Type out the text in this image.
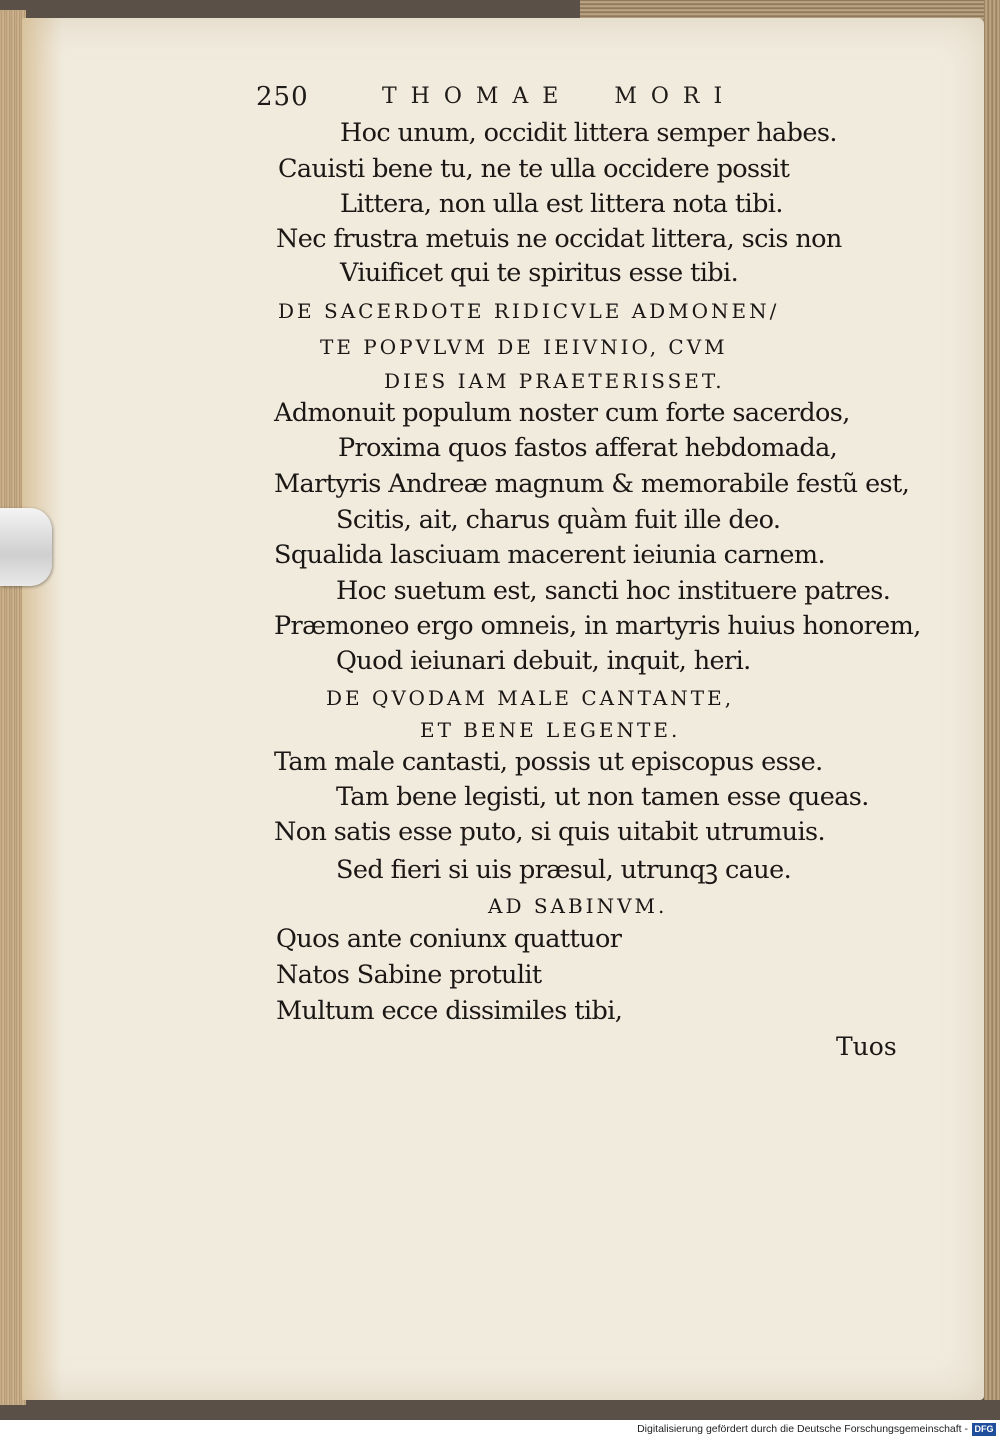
250	THOMAE  MORI
Hoc unum, occidit littera semper habes.
Cauisti bene tu, ne te ulla occidere possit
Littera, non ulla est littera nota tibi.
Nec frustra metuis ne occidat littera, scis non
Viuificet qui te spiritus esse tibi.
DE SACERDOTE RIDICVLE ADMONEN/
TE POPVLVM DE IEIVNIO, CVM
DIES IAM PRAETERISSET.
Admonuit populum noster cum forte sacerdos,
Proxima quos fastos afferat hebdomada,
Martyris Andreæ magnum & memorabile festũ est,
Scitis, ait, charus quàm fuit ille deo.
Squalida lasciuam macerent ieiunia carnem.
Hoc suetum est, sancti hoc instituere patres.
Præmoneo ergo omneis, in martyris huius honorem,
Quod ieiunari debuit, inquit, heri.
DE QVODAM MALE CANTANTE,
ET BENE LEGENTE.
Tam male cantasti, possis ut episcopus esse.
Tam bene legisti, ut non tamen esse queas.
Non satis esse puto, si quis uitabit utrumuis.
Sed fieri si uis præsul, utrunqꝫ caue.
AD SABINVM.
Quos ante coniunx quattuor
Natos Sabine protulit
Multum ecce dissimiles tibi,
Tuos
Digitalisierung gefördert durch die Deutsche Forschungsgemeinschaft - DFG
